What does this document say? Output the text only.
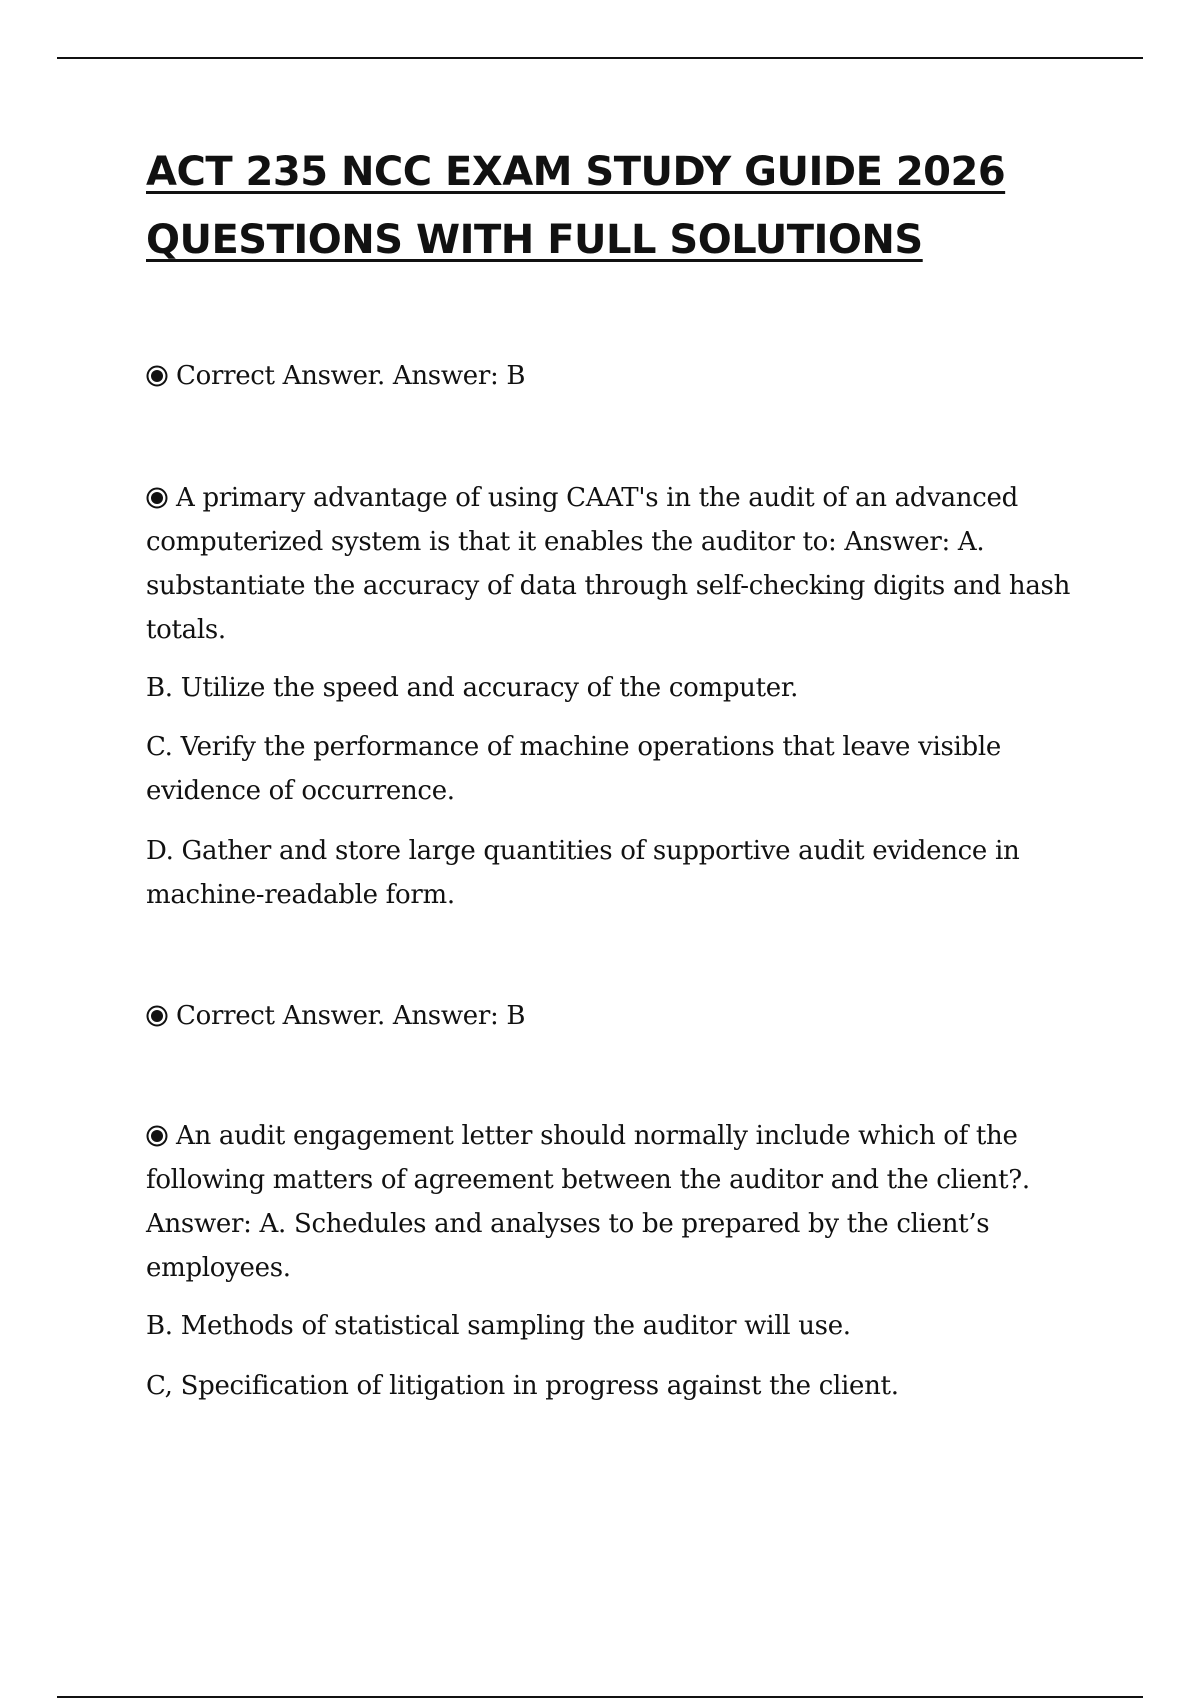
ACT 235 NCC EXAM STUDY GUIDE 2026
QUESTIONS WITH FULL SOLUTIONS

Correct Answer. Answer: B

A primary advantage of using CAAT's in the audit of an advanced computerized system is that it enables the auditor to: Answer: A. substantiate the accuracy of data through self-checking digits and hash totals.

B. Utilize the speed and accuracy of the computer.

C. Verify the performance of machine operations that leave visible evidence of occurrence.

D. Gather and store large quantities of supportive audit evidence in machine-readable form.

Correct Answer. Answer: B

An audit engagement letter should normally include which of the following matters of agreement between the auditor and the client?. Answer: A. Schedules and analyses to be prepared by the client’s employees.

B. Methods of statistical sampling the auditor will use.

C, Specification of litigation in progress against the client.
